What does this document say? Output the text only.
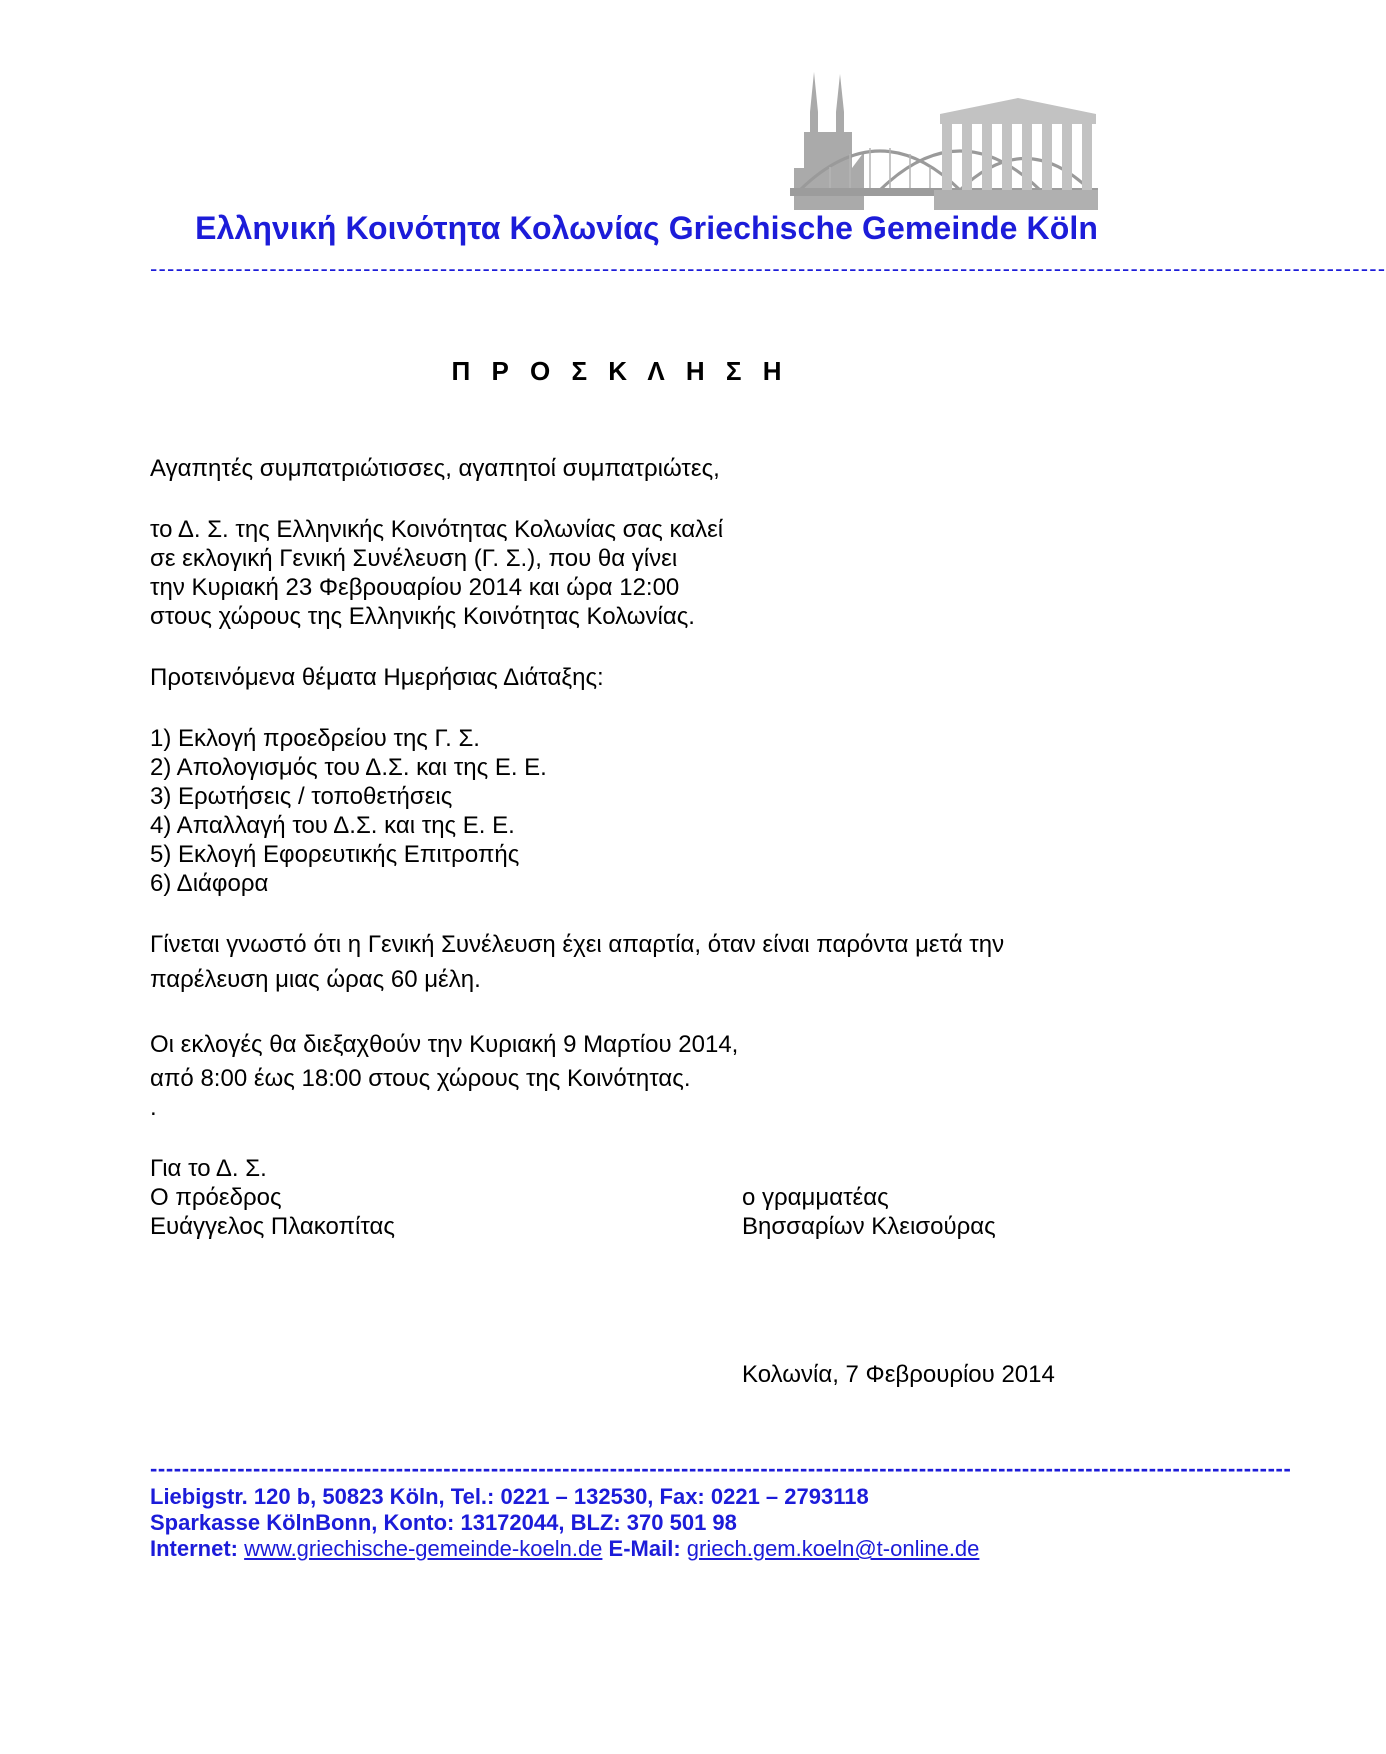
Ελληνική Κοινότητα Κολωνίας Griechische Gemeinde Köln
-------------------------------------------------------------------------------------------------------------------------------------------------
Π Ρ Ο Σ Κ Λ Η Σ Η
Αγαπητές συμπατριώτισσες, αγαπητοί συμπατριώτες,
το Δ. Σ. της Ελληνικής Κοινότητας Κολωνίας σας καλεί
σε εκλογική Γενική Συνέλευση (Γ. Σ.), που θα γίνει
την Κυριακή 23 Φεβρουαρίου 2014 και ώρα 12:00
στους χώρους της Ελληνικής Κοινότητας Κολωνίας.
Προτεινόμενα θέματα Ημερήσιας Διάταξης:
1) Εκλογή προεδρείου της Γ. Σ.
2) Απολογισμός του Δ.Σ. και της Ε. Ε.
3) Ερωτήσεις / τοποθετήσεις
4) Απαλλαγή του Δ.Σ. και της Ε. Ε.
5) Εκλογή Εφορευτικής Επιτροπής
6) Διάφορα
Γίνεται γνωστό ότι η Γενική Συνέλευση έχει απαρτία, όταν είναι παρόντα μετά την
παρέλευση μιας ώρας 60 μέλη.
Οι εκλογές θα διεξαχθούν την Κυριακή 9 Μαρτίου 2014,
από 8:00 έως 18:00 στους χώρους της Κοινότητας.
.
Για το Δ. Σ.
Ο πρόεδρος
Ευάγγελος Πλακοπίτας
ο γραμματέας
Βησσαρίων Κλεισούρας
Κολωνία, 7 Φεβρουρίου 2014
------------------------------------------------------------------------------------------------------------------------------------------------
Liebigstr. 120 b, 50823 Köln, Tel.: 0221 – 132530, Fax: 0221 – 2793118
Sparkasse KölnBonn, Konto: 13172044, BLZ: 370 501 98
Internet: www.griechische-gemeinde-koeln.de E-Mail: griech.gem.koeln@t-online.de
